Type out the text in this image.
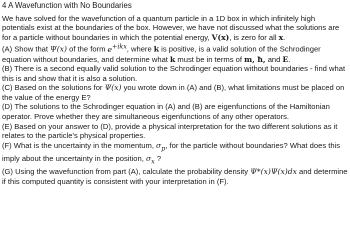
4 A Wavefunction with No Boundaries

We have solved for the wavefunction of a quantum particle in a 1D box in which infinitely high potentials exist at the boundaries of the box. However, we have not discussed what the solutions are for a particle without boundaries in which the potential energy, V(x), is zero for all x.

(A) Show that Ψ(x) of the form $e^{+ikx}$, where k is positive, is a valid solution of the Schrodinger equation without boundaries, and determine what k must be in terms of m, ħ, and E.

(B) There is a second equally valid solution to the Schrodinger equation without boundaries - find what this is and show that it is also a solution.

(C) Based on the solutions for Ψ(x) you wrote down in (A) and (B), what limitations must be placed on the value of the energy E?

(D) The solutions to the Schrodinger equation in (A) and (B) are eigenfunctions of the Hamiltonian operator. Prove whether they are simultaneous eigenfunctions of any other operators.

(E) Based on your answer to (D), provide a physical interpretation for the two different solutions as it relates to the particle's physical properties.

(F) What is the uncertainty in the momentum, $\sigma_p$, for the particle without boundaries? What does this imply about the uncertainty in the position, $\sigma_x$ ?

(G) Using the wavefunction from part (A), calculate the probability density Ψ*(x)Ψ(x)dx and determine if this computed quantity is consistent with your interpretation in (F).
